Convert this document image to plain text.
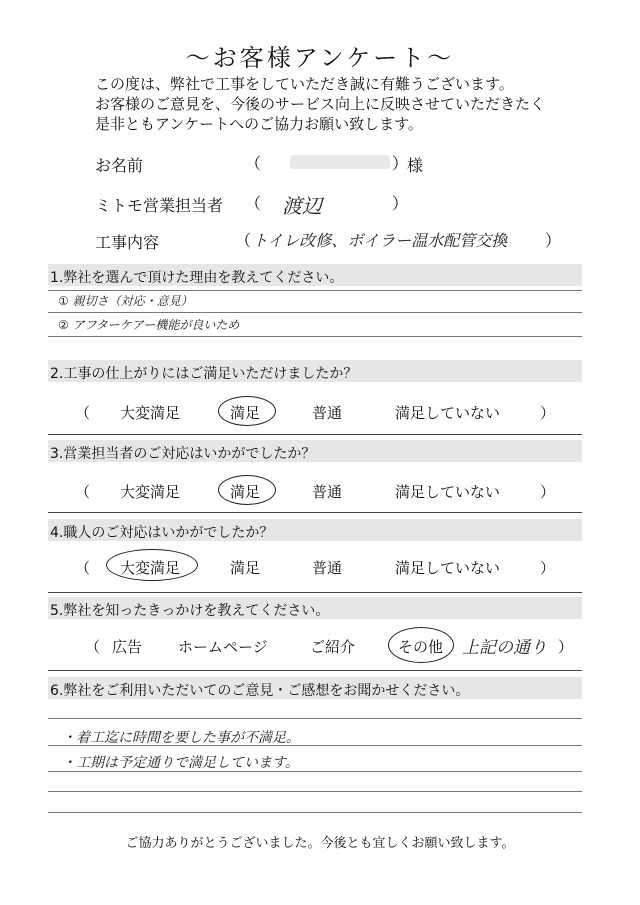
～お客様アンケート～
この度は、弊社で工事をしていただき誠に有難うございます。
お客様のご意見を、今後のサービス向上に反映させていただきたく
是非ともアンケートへのご協力お願い致します。
お名前	（	）
様
ミトモ営業担当者 （ 渡辺	）
工事内容	（ トイレ改修、ボイラー温水配管交換 ）
1.弊社を選んで頂けた理由を教えてください。
① 親切さ（対応・意見）
② アフターケアー機能が良いため
2.工事の仕上がりにはご満足いただけましたか？
（ 大変満足	満足	普通	満足していない	）
3.営業担当者のご対応はいかがでしたか？
（ 大変満足	満足	普通	満足していない	）
4.職人のご対応はいかがでしたか？
（ 大変満足	満足	普通	満足していない	）
5.弊社を知ったきっかけを教えてください。
（ 広告 ホームページ	ご紹介	その他 上記の通り ）
6.弊社をご利用いただいてのご意見・ご感想をお聞かせください。
・着工迄に時間を要した事が不満足。
・工期は予定通りで満足しています。
ご協力ありがとうございました。今後とも宜しくお願い致します。
